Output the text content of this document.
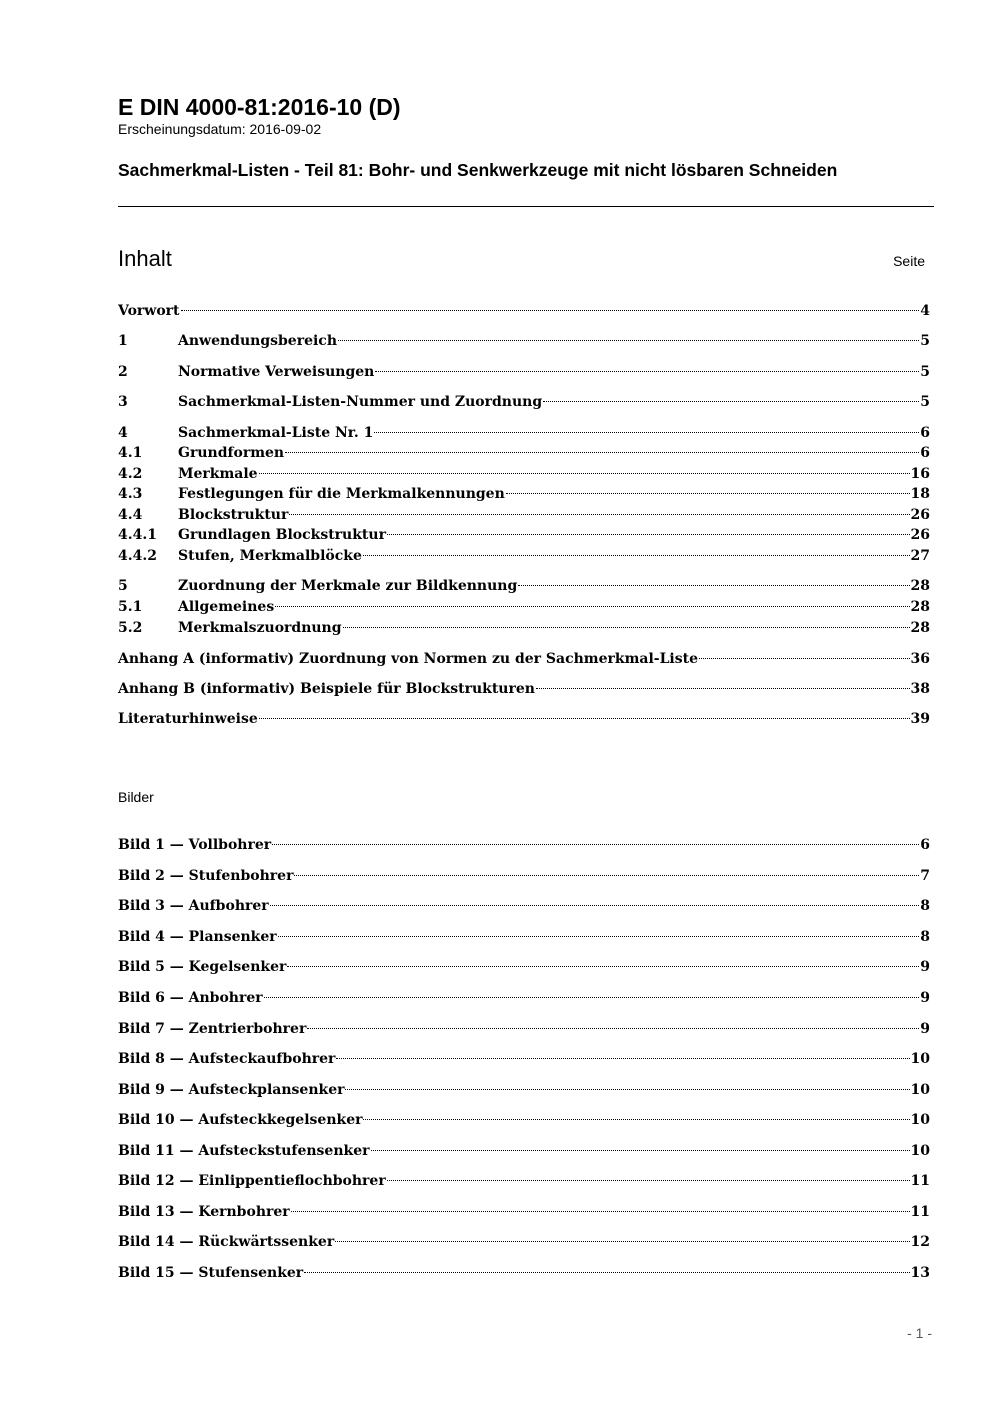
E DIN 4000-81:2016-10 (D)
Erscheinungsdatum: 2016-09-02
Sachmerkmal-Listen - Teil 81: Bohr- und Senkwerkzeuge mit nicht lösbaren Schneiden
Inhalt	Seite
Vorwort	4
1	Anwendungsbereich	5
2	Normative Verweisungen	5
3	Sachmerkmal-Listen-Nummer und Zuordnung	5
4	Sachmerkmal-Liste Nr. 1	6
4.1	Grundformen	6
4.2	Merkmale	16
4.3	Festlegungen für die Merkmalkennungen	18
4.4	Blockstruktur	26
4.4.1	Grundlagen Blockstruktur	26
4.4.2	Stufen, Merkmalblöcke	27
5	Zuordnung der Merkmale zur Bildkennung	28
5.1	Allgemeines	28
5.2	Merkmalszuordnung	28
Anhang A (informativ) Zuordnung von Normen zu der Sachmerkmal-Liste	36
Anhang B (informativ) Beispiele für Blockstrukturen	38
Literaturhinweise	39
Bilder
Bild 1 — Vollbohrer	6
Bild 2 — Stufenbohrer	7
Bild 3 — Aufbohrer	8
Bild 4 — Plansenker	8
Bild 5 — Kegelsenker	9
Bild 6 — Anbohrer	9
Bild 7 — Zentrierbohrer	9
Bild 8 — Aufsteckaufbohrer	10
Bild 9 — Aufsteckplansenker	10
Bild 10 — Aufsteckkegelsenker	10
Bild 11 — Aufsteckstufensenker	10
Bild 12 — Einlippentieflochbohrer	11
Bild 13 — Kernbohrer	11
Bild 14 — Rückwärtssenker	12
Bild 15 — Stufensenker	13
- 1 -
